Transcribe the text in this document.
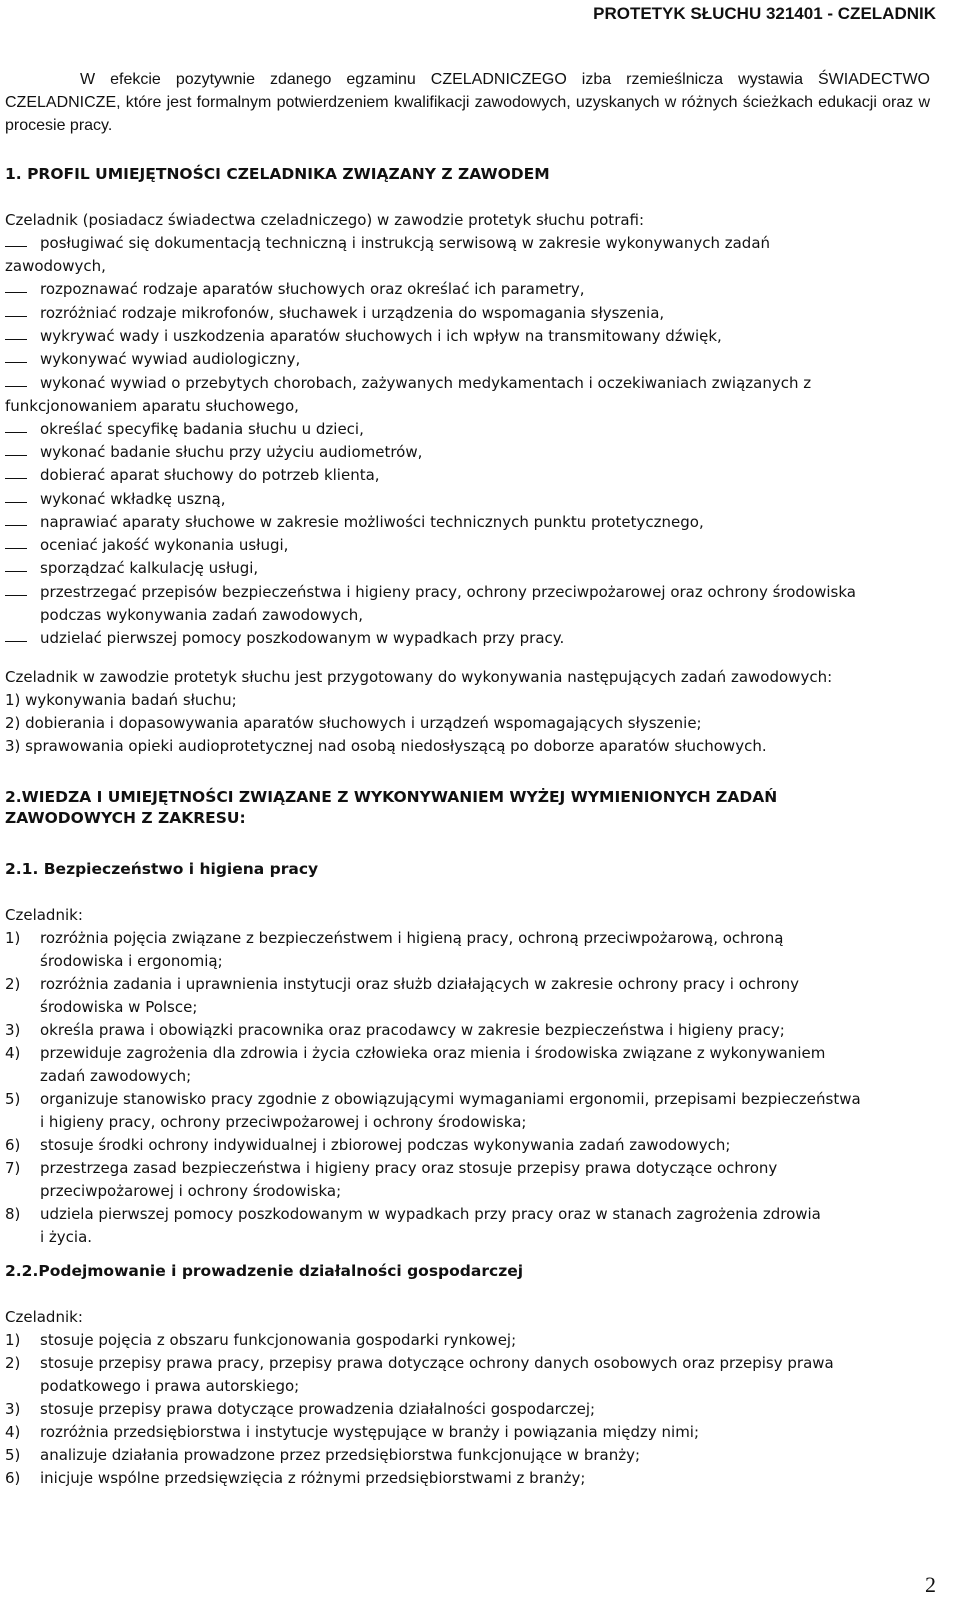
PROTETYK SŁUCHU 321401 - CZELADNIK
W efekcie pozytywnie zdanego egzaminu CZELADNICZEGO izba rzemieślnicza wystawia ŚWIADECTWO CZELADNICZE, które jest formalnym potwierdzeniem kwalifikacji zawodowych, uzyskanych w różnych ścieżkach edukacji oraz w procesie pracy.
1. PROFIL UMIEJĘTNOŚCI CZELADNIKA ZWIĄZANY Z ZAWODEM
Czeladnik (posiadacz świadectwa czeladniczego) w zawodzie protetyk słuchu potrafi:
posługiwać się dokumentacją techniczną i instrukcją serwisową w zakresie wykonywanych zadań
zawodowych,
rozpoznawać rodzaje aparatów słuchowych oraz określać ich parametry,
rozróżniać rodzaje mikrofonów, słuchawek i urządzenia do wspomagania słyszenia,
wykrywać wady i uszkodzenia aparatów słuchowych i ich wpływ na transmitowany dźwięk,
wykonywać wywiad audiologiczny,
wykonać wywiad o przebytych chorobach, zażywanych medykamentach i oczekiwaniach związanych z
funkcjonowaniem aparatu słuchowego,
określać specyfikę badania słuchu u dzieci,
wykonać badanie słuchu przy użyciu audiometrów,
dobierać aparat słuchowy do potrzeb klienta,
wykonać wkładkę uszną,
naprawiać aparaty słuchowe w zakresie możliwości technicznych punktu protetycznego,
oceniać jakość wykonania usługi,
sporządzać kalkulację usługi,
przestrzegać przepisów bezpieczeństwa i higieny pracy, ochrony przeciwpożarowej oraz ochrony środowiska
podczas wykonywania zadań zawodowych,
udzielać pierwszej pomocy poszkodowanym w wypadkach przy pracy.
Czeladnik w zawodzie protetyk słuchu jest przygotowany do wykonywania następujących zadań zawodowych:
1) wykonywania badań słuchu;
2) dobierania i dopasowywania aparatów słuchowych i urządzeń wspomagających słyszenie;
3) sprawowania opieki audioprotetycznej nad osobą niedosłyszącą po doborze aparatów słuchowych.
2.WIEDZA I UMIEJĘTNOŚCI ZWIĄZANE Z WYKONYWANIEM WYŻEJ WYMIENIONYCH ZADAŃ
ZAWODOWYCH Z ZAKRESU:
2.1. Bezpieczeństwo i higiena pracy
Czeladnik:
1) rozróżnia pojęcia związane z bezpieczeństwem i higieną pracy, ochroną przeciwpożarową, ochroną
środowiska i ergonomią;
2) rozróżnia zadania i uprawnienia instytucji oraz służb działających w zakresie ochrony pracy i ochrony
środowiska w Polsce;
3) określa prawa i obowiązki pracownika oraz pracodawcy w zakresie bezpieczeństwa i higieny pracy;
4) przewiduje zagrożenia dla zdrowia i życia człowieka oraz mienia i środowiska związane z wykonywaniem
zadań zawodowych;
5) organizuje stanowisko pracy zgodnie z obowiązującymi wymaganiami ergonomii, przepisami bezpieczeństwa
i higieny pracy, ochrony przeciwpożarowej i ochrony środowiska;
6) stosuje środki ochrony indywidualnej i zbiorowej podczas wykonywania zadań zawodowych;
7) przestrzega zasad bezpieczeństwa i higieny pracy oraz stosuje przepisy prawa dotyczące ochrony
przeciwpożarowej i ochrony środowiska;
8) udziela pierwszej pomocy poszkodowanym w wypadkach przy pracy oraz w stanach zagrożenia zdrowia
i życia.
2.2.Podejmowanie i prowadzenie działalności gospodarczej
Czeladnik:
1) stosuje pojęcia z obszaru funkcjonowania gospodarki rynkowej;
2) stosuje przepisy prawa pracy, przepisy prawa dotyczące ochrony danych osobowych oraz przepisy prawa
podatkowego i prawa autorskiego;
3) stosuje przepisy prawa dotyczące prowadzenia działalności gospodarczej;
4) rozróżnia przedsiębiorstwa i instytucje występujące w branży i powiązania między nimi;
5) analizuje działania prowadzone przez przedsiębiorstwa funkcjonujące w branży;
6) inicjuje wspólne przedsięwzięcia z różnymi przedsiębiorstwami z branży;
2
